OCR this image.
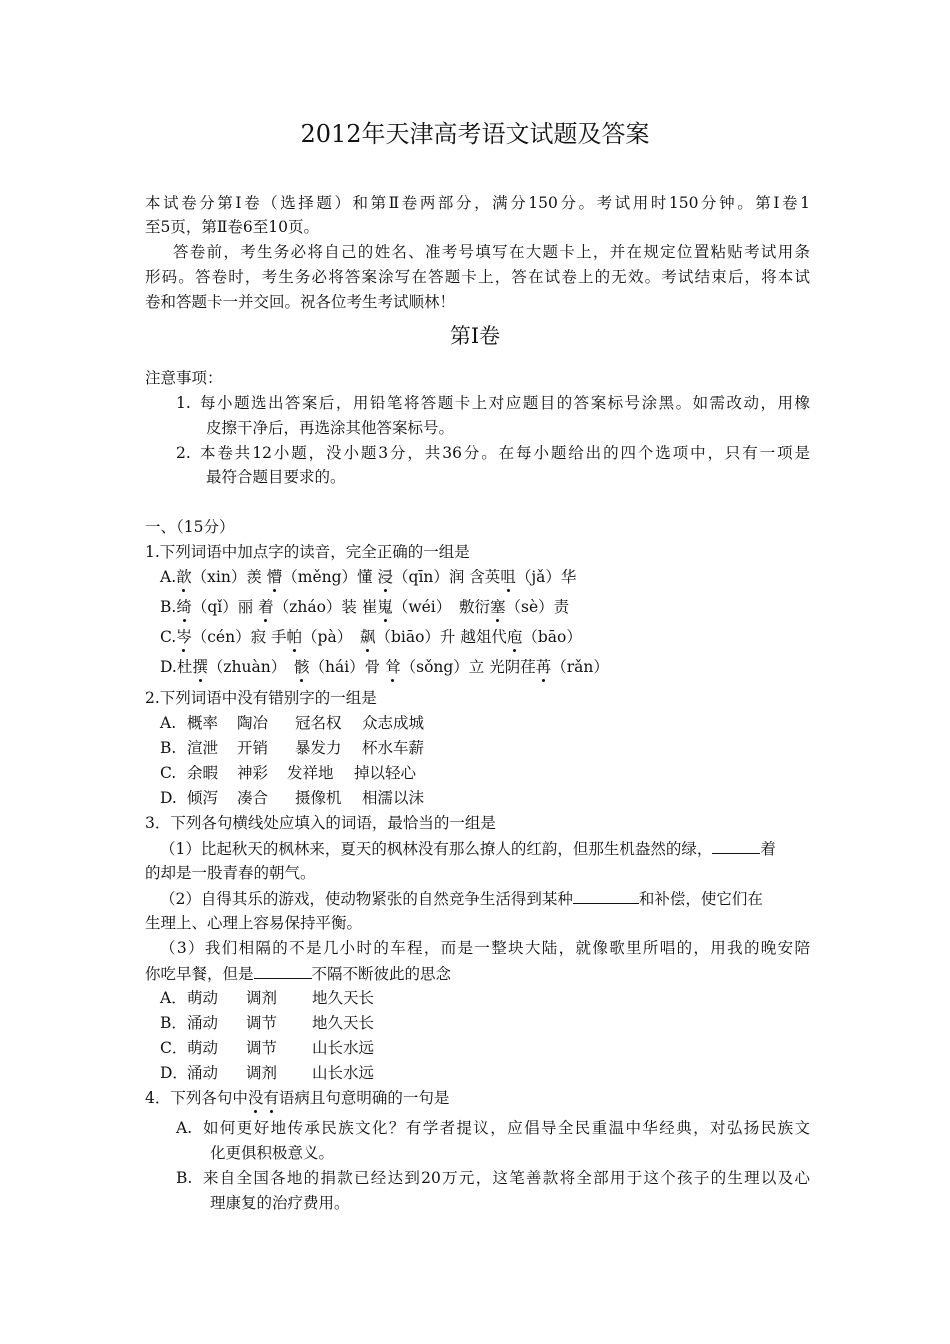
2012年天津高考语文试题及答案
本试卷分第Ⅰ卷（选择题）和第Ⅱ卷两部分，满分150分。考试用时150分钟。第Ⅰ卷1
至5页，第Ⅱ卷6至10页。
答卷前，考生务必将自己的姓名、准考号填写在大题卡上，并在规定位置粘贴考试用条
形码。答卷时，考生务必将答案涂写在答题卡上，答在试卷上的无效。考试结束后，将本试
卷和答题卡一并交回。祝各位考生考试顺林！
第Ⅰ卷
注意事项：
1. 每小题选出答案后，用铅笔将答题卡上对应题目的答案标号涂黑。如需改动，用橡
皮擦干净后，再选涂其他答案标号。
2. 本卷共12小题，没小题3分，共36分。在每小题给出的四个选项中，只有一项是
最符合题目要求的。
一、（15分）
1.下列词语中加点字的读音，完全正确的一组是
A.歆（xin）羡 懵（měng）懂 浸（qīn）润 含英咀（jǎ）华
B.绮（qǐ）丽 着（zháo）装 崔嵬（wéi）　敷衍塞（sè）责
C.岑（cén）寂 手帕（pà）　飙（biāo）升 越俎代庖（bāo）
D.杜撰（zhuàn）　骸（hái）骨 耸（sǒng）立 光阴荏苒（rǎn）
2.下列词语中没有错别字的一组是
A. 概率 陶冶 冠名权 众志成城
B. 渲泄 开销 暴发力 杯水车薪
C. 余暇 神彩 发祥地 掉以轻心
D. 倾泻 凑合 摄像机 相濡以沫
3．下列各句横线处应填入的词语，最恰当的一组是
（1）比起秋天的枫林来，夏天的枫林没有那么撩人的红韵，但那生机盎然的绿，	着
的却是一股青春的朝气。
（2）自得其乐的游戏，使动物紧张的自然竞争生活得到某种	和补偿，使它们在
生理上、心理上容易保持平衡。
（3）我们相隔的不是几小时的车程，而是一整块大陆，就像歌里所唱的，用我的晚安陪
你吃早餐，但是	不隔不断彼此的思念
A． 萌动 调剂 地久天长
B． 涌动 调节 地久天长
C． 萌动 调节 山长水远
D． 涌动 调剂 山长水远
4．下列各句中没有语病且句意明确的一句是
A. 如何更好地传承民族文化？有学者提议，应倡导全民重温中华经典，对弘扬民族文
化更俱积极意义。
B. 来自全国各地的捐款已经达到20万元，这笔善款将全部用于这个孩子的生理以及心
理康复的治疗费用。
